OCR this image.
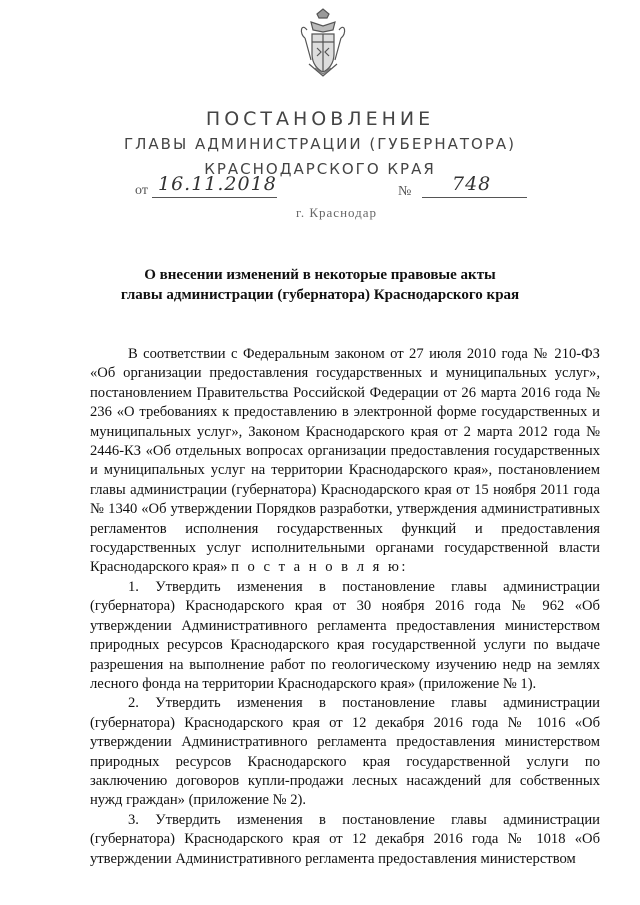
ПОСТАНОВЛЕНИЕ
ГЛАВЫ АДМИНИСТРАЦИИ (ГУБЕРНАТОРА)
КРАСНОДАРСКОГО КРАЯ
от 16.11.2018	№ 748
г. Краснодар
О внесении изменений в некоторые правовые акты
главы администрации (губернатора) Краснодарского края

В соответствии с Федеральным законом от 27 июля 2010 года № 210-ФЗ «Об организации предоставления государственных и муниципальных услуг», постановлением Правительства Российской Федерации от 26 марта 2016 года № 236 «О требованиях к предоставлению в электронной форме государственных и муниципальных услуг», Законом Краснодарского края от 2 марта 2012 года № 2446-КЗ «Об отдельных вопросах организации предоставления государственных и муниципальных услуг на территории Краснодарского края», постановлением главы администрации (губернатора) Краснодарского края от 15 ноября 2011 года № 1340 «Об утверждении Порядков разработки, утверждения административных регламентов исполнения государственных функций и предоставления государственных услуг исполнительными органами государственной власти Краснодарского края» п о с т а н о в л я ю:

1. Утвердить изменения в постановление главы администрации (губернатора) Краснодарского края от 30 ноября 2016 года № 962 «Об утверждении Административного регламента предоставления министерством природных ресурсов Краснодарского края государственной услуги по выдаче разрешения на выполнение работ по геологическому изучению недр на землях лесного фонда на территории Краснодарского края» (приложение № 1).

2. Утвердить изменения в постановление главы администрации (губернатора) Краснодарского края от 12 декабря 2016 года № 1016 «Об утверждении Административного регламента предоставления министерством природных ресурсов Краснодарского края государственной услуги по заключению договоров купли-продажи лесных насаждений для собственных нужд граждан» (приложение № 2).

3. Утвердить изменения в постановление главы администрации (губернатора) Краснодарского края от 12 декабря 2016 года № 1018 «Об утверждении Административного регламента предоставления министерством
